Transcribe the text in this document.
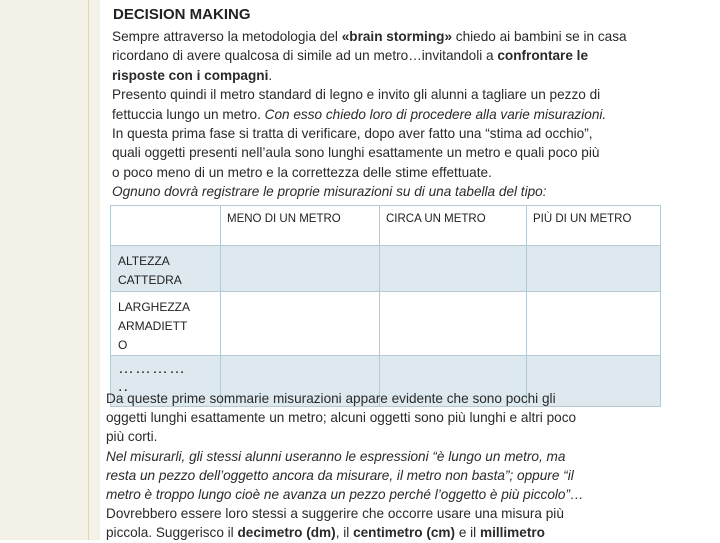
DECISION MAKING
Sempre attraverso la metodologia del «brain storming» chiedo ai bambini se in casa
ricordano di avere qualcosa di simile ad un metro…invitandoli a confrontare le
risposte con i compagni.
Presento quindi il metro standard di legno e invito gli alunni a tagliare un pezzo di
fettuccia lungo un metro. Con esso chiedo loro di procedere alla varie misurazioni.
In questa prima fase si tratta di verificare, dopo aver fatto una “stima ad occhio”,
quali oggetti presenti nell’aula sono lunghi esattamente un metro e quali poco più
o poco meno di un metro e la correttezza delle stime effettuate.
Ognuno dovrà registrare le proprie misurazioni su di una tabella del tipo:
	MENO DI UN METRO	CIRCA UN METRO	PIÙ DI UN METRO

ALTEZZA
CATTEDRA			

LARGHEZZA
ARMADIETT
O			

…………
..			

Da queste prime sommarie misurazioni appare evidente che sono pochi gli
oggetti lunghi esattamente un metro; alcuni oggetti sono più lunghi e altri poco
più corti.
Nel misurarli, gli stessi alunni useranno le espressioni “è lungo un metro, ma
resta un pezzo dell’oggetto ancora da misurare, il metro non basta”; oppure “il
metro è troppo lungo cioè ne avanza un pezzo perché l’oggetto è più piccolo”…
Dovrebbero essere loro stessi a suggerire che occorre usare una misura più
piccola. Suggerisco il decimetro (dm), il centimetro (cm) e il millimetro
